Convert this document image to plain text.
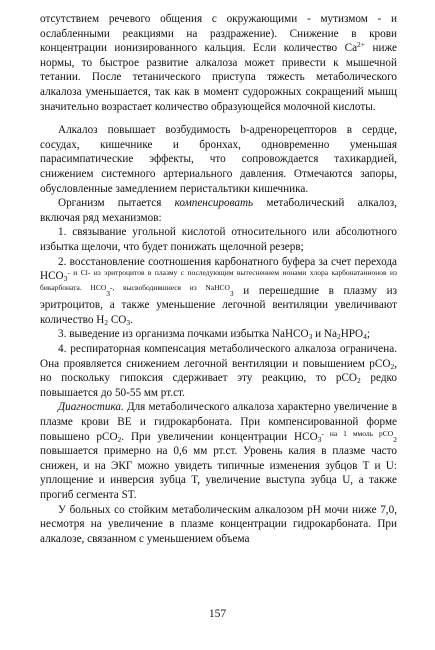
отсутствием речевого общения с окружающими - мутизмом - и ослабленными реакциями на раздражение). Снижение в крови концентрации ионизированного кальция. Если количество $Ca^{2+}$ ниже нормы, то быстрое развитие алкалоза может привести к мышечной тетании. После тетанического приступа тяжесть метаболического алкалоза уменьшается, так как в момент судорожных сокращений мышц значительно возрастает количество образующейся молочной кислоты.

Алкалоз повышает возбудимость b-адренорецепторов в сердце, сосудах, кишечнике и бронхах, одновременно уменьшая парасимпатические эффекты, что сопровождается тахикардией, снижением системного артериального давления. Отмечаются запоры, обусловленные замедлением перистальтики кишечника.

Организм пытается компенсировать метаболический алкалоз, включая ряд механизмов:

1. связывание угольной кислотой относительного или абсолютного избытка щелочи, что будет понижать щелочной резерв;

2. восстановление соотношения карбонатного буфера за счет перехода $HCO_3^{- и Cl- из эритроцитов в плазму с последующим вытеснением ионами хлора карбонатанионов из бикарбоната. HCO}_3^{-, высвободившиеся из NaHCO}_3$ и перешедшие в плазму из эритроцитов, а также уменьшение легочной вентиляции увеличивают количество $H_2$ $CO_3$.

3. выведение из организма почками избытка NaHCO$_3$ и $Na_2HPO_4$;

4. респираторная компенсация метаболического алкалоза ограничена. Она проявляется снижением легочной вентиляции и повышением pCO$_2$, но поскольку гипоксия сдерживает эту реакцию, то pCO$_2$ редко повышается до 50-55 мм рт.ст.

Диагностика. Для метаболического алкалоза характерно увеличение в плазме крови BE и гидрокарбоната. При компенсированной форме повышено pCO$_2$. При увеличении концентрации $HCO_3^{- на 1 ммоль pCO}_2$ повышается примерно на 0,6 мм рт.ст. Уровень калия в плазме часто снижен, и на ЭКГ можно увидеть типичные изменения зубцов T и U: уплощение и инверсия зубца T, увеличение выступа зубца U, а также прогиб сегмента ST.

У больных со стойким метаболическим алкалозом pH мочи ниже 7,0, несмотря на увеличение в плазме концентрации гидрокарбоната. При алкалозе, связанном с уменьшением объема

157
